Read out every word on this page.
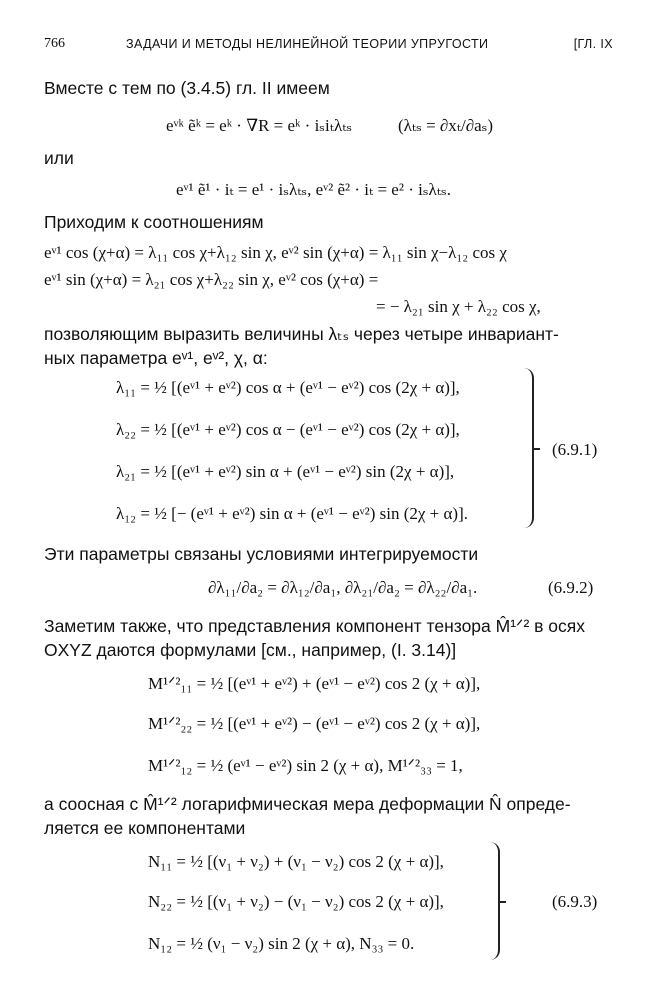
766	ЗАДАЧИ И МЕТОДЫ НЕЛИНЕЙНОЙ ТЕОРИИ УПРУГОСТИ	[ГЛ. IX
Вместе с тем по (3.4.5) гл. II имеем
eᵛᵏ ẽᵏ = eᵏ · ∇R = eᵏ · iₛiₜλₜₛ	(λₜₛ = ∂xₜ/∂aₛ)
или
eᵛ¹ ẽ¹ · iₜ = e¹ · iₛλₜₛ, eᵛ² ẽ² · iₜ = e² · iₛλₜₛ.
Приходим к соотношениям
eᵛ¹ cos (χ+α) = λ₁₁ cos χ+λ₁₂ sin χ, eᵛ² sin (χ+α) = λ₁₁ sin χ−λ₁₂ cos χ
eᵛ¹ sin (χ+α) = λ₂₁ cos χ+λ₂₂ sin χ, eᵛ² cos (χ+α) =
= − λ₂₁ sin χ + λ₂₂ cos χ,
позволяющим выразить величины λₜₛ через четыре инвариант-
ных параметра eᵛ¹, eᵛ², χ, α:
λ₁₁ = ½ [(eᵛ¹ + eᵛ²) cos α + (eᵛ¹ − eᵛ²) cos (2χ + α)],
λ₂₂ = ½ [(eᵛ¹ + eᵛ²) cos α − (eᵛ¹ − eᵛ²) cos (2χ + α)],
λ₂₁ = ½ [(eᵛ¹ + eᵛ²) sin α + (eᵛ¹ − eᵛ²) sin (2χ + α)],
λ₁₂ = ½ [− (eᵛ¹ + eᵛ²) sin α + (eᵛ¹ − eᵛ²) sin (2χ + α)].
(6.9.1)
Эти параметры связаны условиями интегрируемости
∂λ₁₁/∂a₂ = ∂λ₁₂/∂a₁, ∂λ₂₁/∂a₂ = ∂λ₂₂/∂a₁.	(6.9.2)
Заметим также, что представления компонент тензора M̂¹ᐟ² в осях
OXYZ даются формулами [см., например, (I. 3.14)]
M¹ᐟ²₁₁ = ½ [(eᵛ¹ + eᵛ²) + (eᵛ¹ − eᵛ²) cos 2 (χ + α)],
M¹ᐟ²₂₂ = ½ [(eᵛ¹ + eᵛ²) − (eᵛ¹ − eᵛ²) cos 2 (χ + α)],
M¹ᐟ²₁₂ = ½ (eᵛ¹ − eᵛ²) sin 2 (χ + α), M¹ᐟ²₃₃ = 1,
а соосная с M̂¹ᐟ² логарифмическая мера деформации N̂ опреде-
ляется ее компонентами
N₁₁ = ½ [(ν₁ + ν₂) + (ν₁ − ν₂) cos 2 (χ + α)],
N₂₂ = ½ [(ν₁ + ν₂) − (ν₁ − ν₂) cos 2 (χ + α)],
N₁₂ = ½ (ν₁ − ν₂) sin 2 (χ + α), N₃₃ = 0.
(6.9.3)
